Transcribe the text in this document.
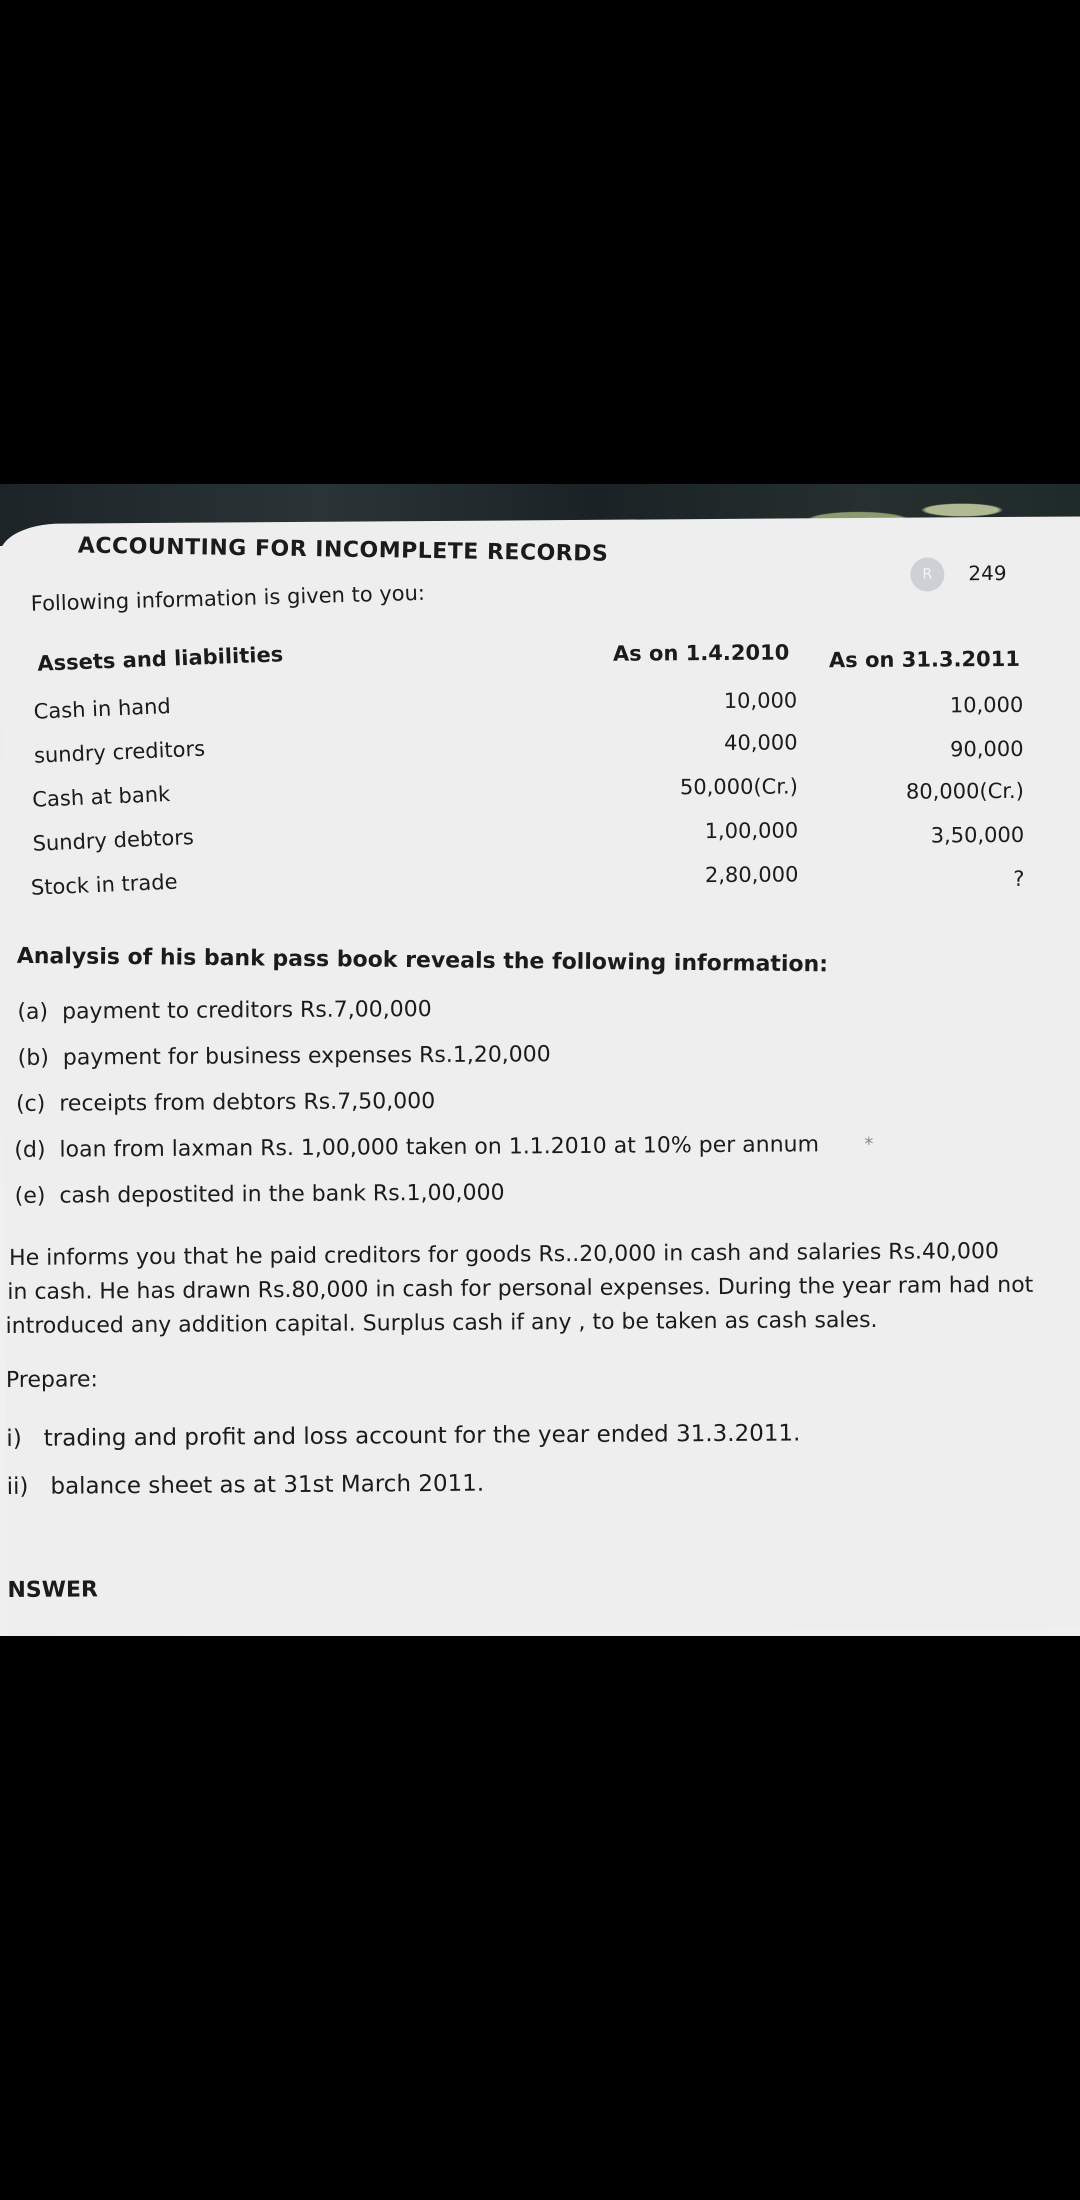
ACCOUNTING FOR INCOMPLETE RECORDS
R	249
Following information is given to you:
Assets and liabilities	As on 1.4.2010 As on 31.3.2011
Cash in hand	10,000	10,000
sundry creditors	40,000	90,000
Cash at bank	50,000(Cr.)	80,000(Cr.)
Sundry debtors	1,00,000	3,50,000
Stock in trade	2,80,000	?
Analysis of his bank pass book reveals the following information:
(a) payment to creditors Rs.7,00,000
(b) payment for business expenses Rs.1,20,000
(c) receipts from debtors Rs.7,50,000
(d) loan from laxman Rs. 1,00,000 taken on 1.1.2010 at 10% per annum	*
(e) cash depostited in the bank Rs.1,00,000
He informs you that he paid creditors for goods Rs..20,000 in cash and salaries Rs.40,000
in cash. He has drawn Rs.80,000 in cash for personal expenses. During the year ram had not
introduced any addition capital. Surplus cash if any , to be taken as cash sales.
Prepare:
i) trading and profit and loss account for the year ended 31.3.2011.
ii) balance sheet as at 31st March 2011.
NSWER
